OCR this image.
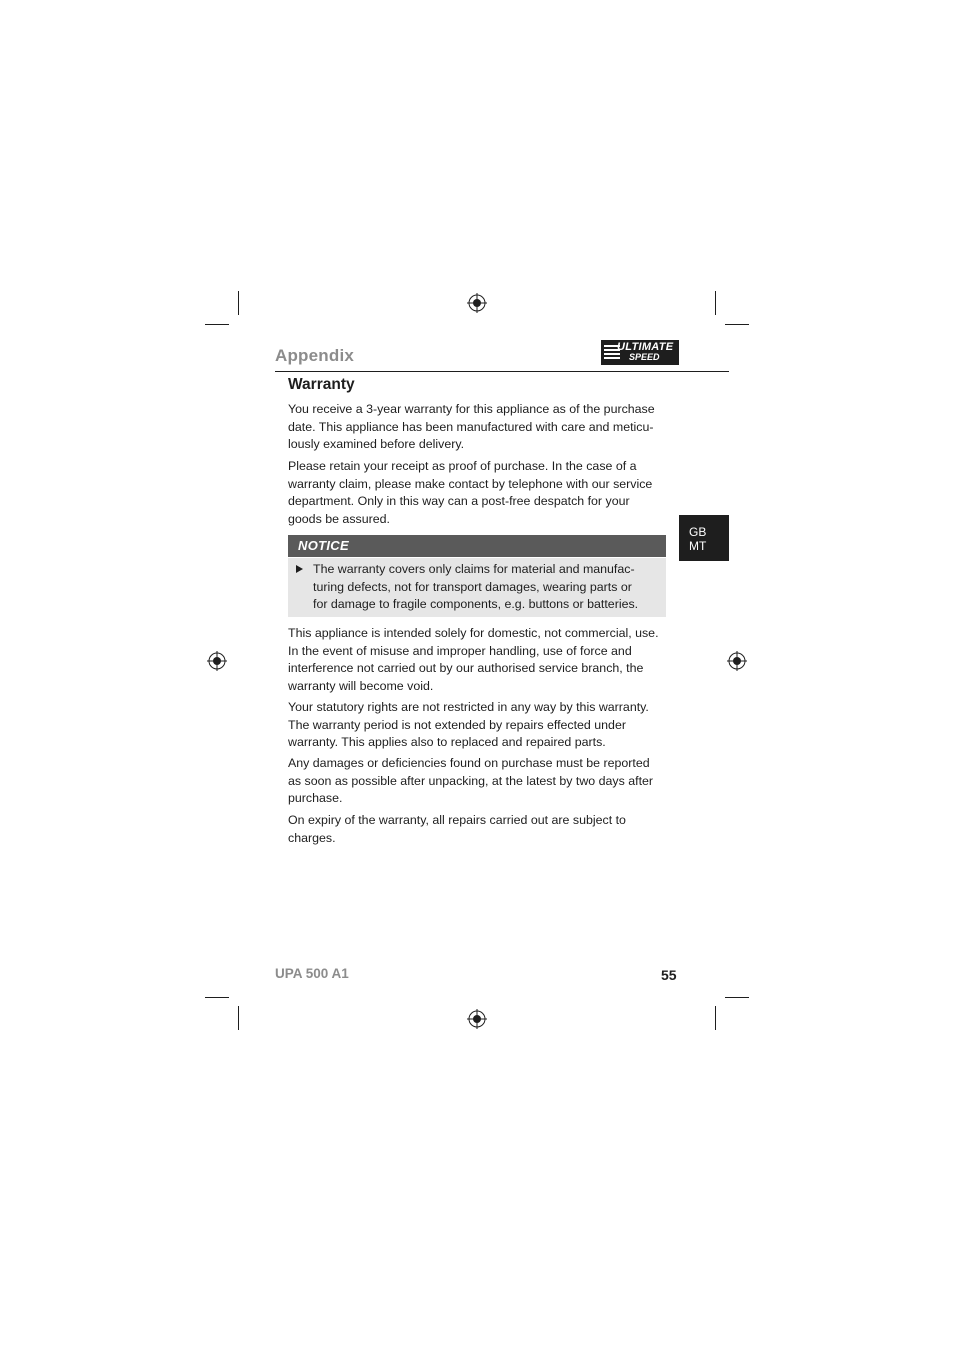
Appendix	ULTIMATE
SPEED
GB
MT
Warranty
You receive a 3-year warranty for this appliance as of the purchase
date. This appliance has been manufactured with care and meticu-
lously examined before delivery.
Please retain your receipt as proof of purchase. In the case of a
warranty claim, please make contact by telephone with our service
department. Only in this way can a post-free despatch for your
goods be assured.
NOTICE
The warranty covers only claims for material and manufac-
turing defects, not for transport damages, wearing parts or
for damage to fragile components, e.g. buttons or batteries.
This appliance is intended solely for domestic, not commercial, use.
In the event of misuse and improper handling, use of force and
interference not carried out by our authorised service branch, the
warranty will become void.
Your statutory rights are not restricted in any way by this warranty.
The warranty period is not extended by repairs effected under
warranty. This applies also to replaced and repaired parts.
Any damages or deficiencies found on purchase must be reported
as soon as possible after unpacking, at the latest by two days after
purchase.
On expiry of the warranty, all repairs carried out are subject to
charges.
UPA 500 A1	55
